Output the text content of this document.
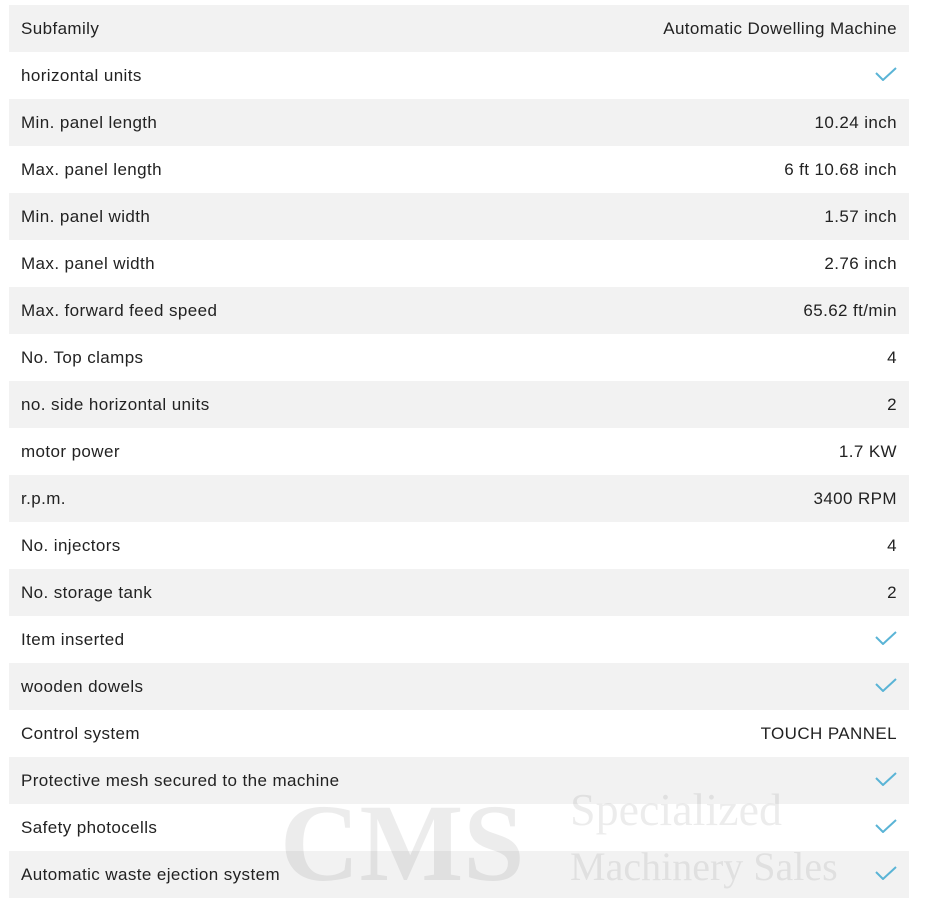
Subfamily	Automatic Dowelling Machine
horizontal units
Min. panel length	10.24 inch
Max. panel length	6 ft 10.68 inch
Min. panel width	1.57 inch
Max. panel width	2.76 inch
Max. forward feed speed	65.62 ft/min
No. Top clamps	4
no. side horizontal units	2
motor power	1.7 KW
r.p.m.	3400 RPM
No. injectors	4
No. storage tank	2
Item inserted
wooden dowels
Control system	TOUCH PANNEL
Protective mesh secured to the machine
Safety photocells
Automatic waste ejection system
